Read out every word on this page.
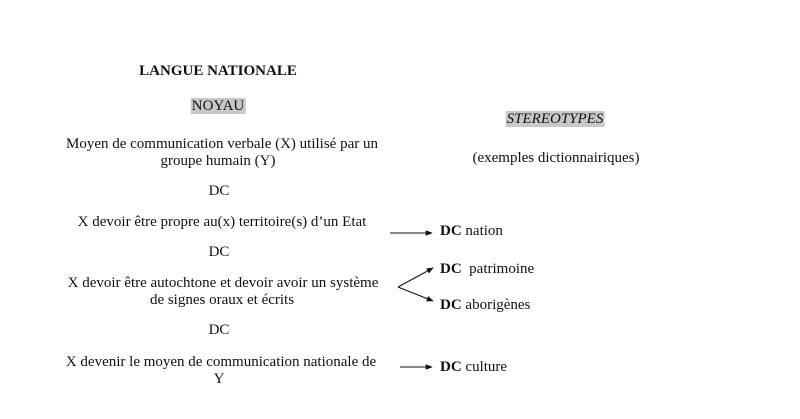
LANGUE NATIONALE
NOYAU
STEREOTYPES
(exemples dictionnairiques)
Moyen de communication verbale (X) utilisé par un
groupe humain (Y)
DC
X devoir être propre au(x) territoire(s) d’un Etat
DC
X devoir être autochtone et devoir avoir un système
de signes oraux et écrits
DC
X devenir le moyen de communication nationale de
Y
DC nation
DC  patrimoine
DC aborigènes
DC culture
